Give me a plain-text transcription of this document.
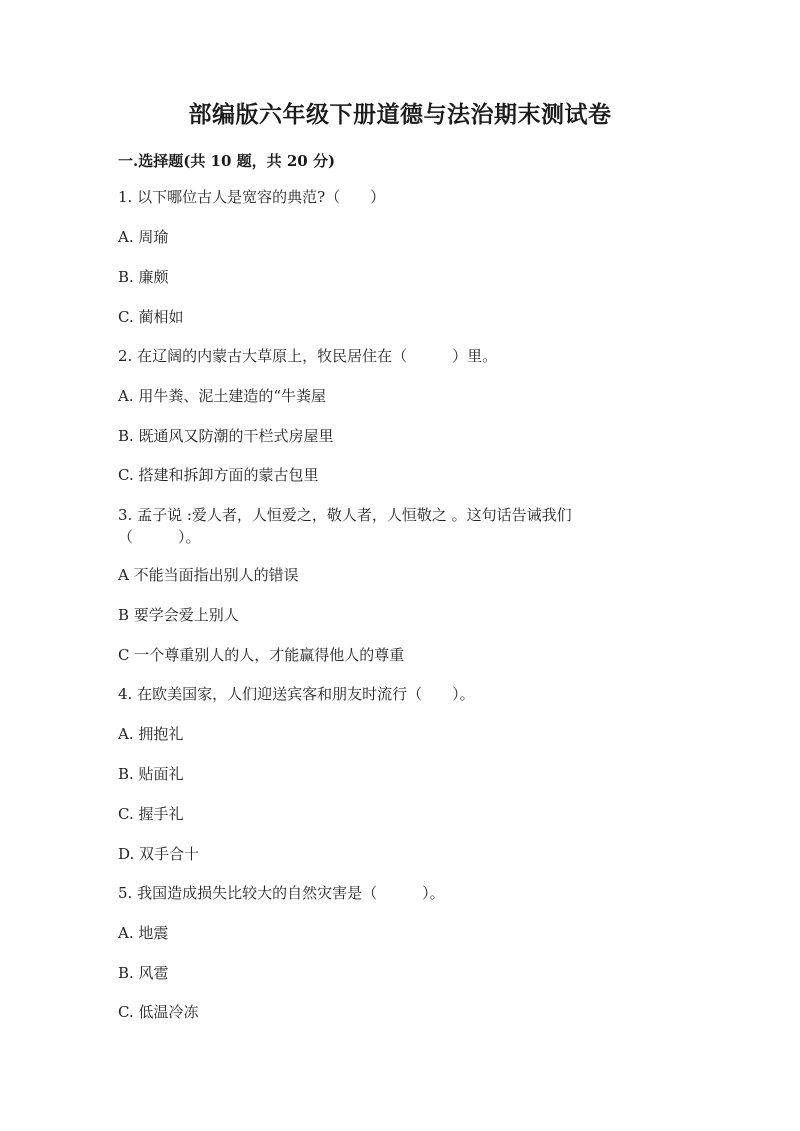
部编版六年级下册道德与法治期末测试卷
一.选择题(共 10 题，共 20 分)
1. 以下哪位古人是宽容的典范?（　　）
A. 周瑜
B. 廉颇
C. 蔺相如
2. 在辽阔的内蒙古大草原上，牧民居住在（　　　）里。
A. 用牛粪、泥土建造的“牛粪屋
B. 既通风又防潮的干栏式房屋里
C. 搭建和拆卸方面的蒙古包里
3. 孟子说 :爱人者，人恒爱之，敬人者，人恒敬之 。这句话告诫我们（　　　）。
A 不能当面指出别人的错误
B 要学会爱上别人
C 一个尊重别人的人，才能赢得他人的尊重
4. 在欧美国家，人们迎送宾客和朋友时流行（　　）。
A. 拥抱礼
B. 贴面礼
C. 握手礼
D. 双手合十
5. 我国造成损失比较大的自然灾害是（　　　）。
A. 地震
B. 风雹
C. 低温冷冻
